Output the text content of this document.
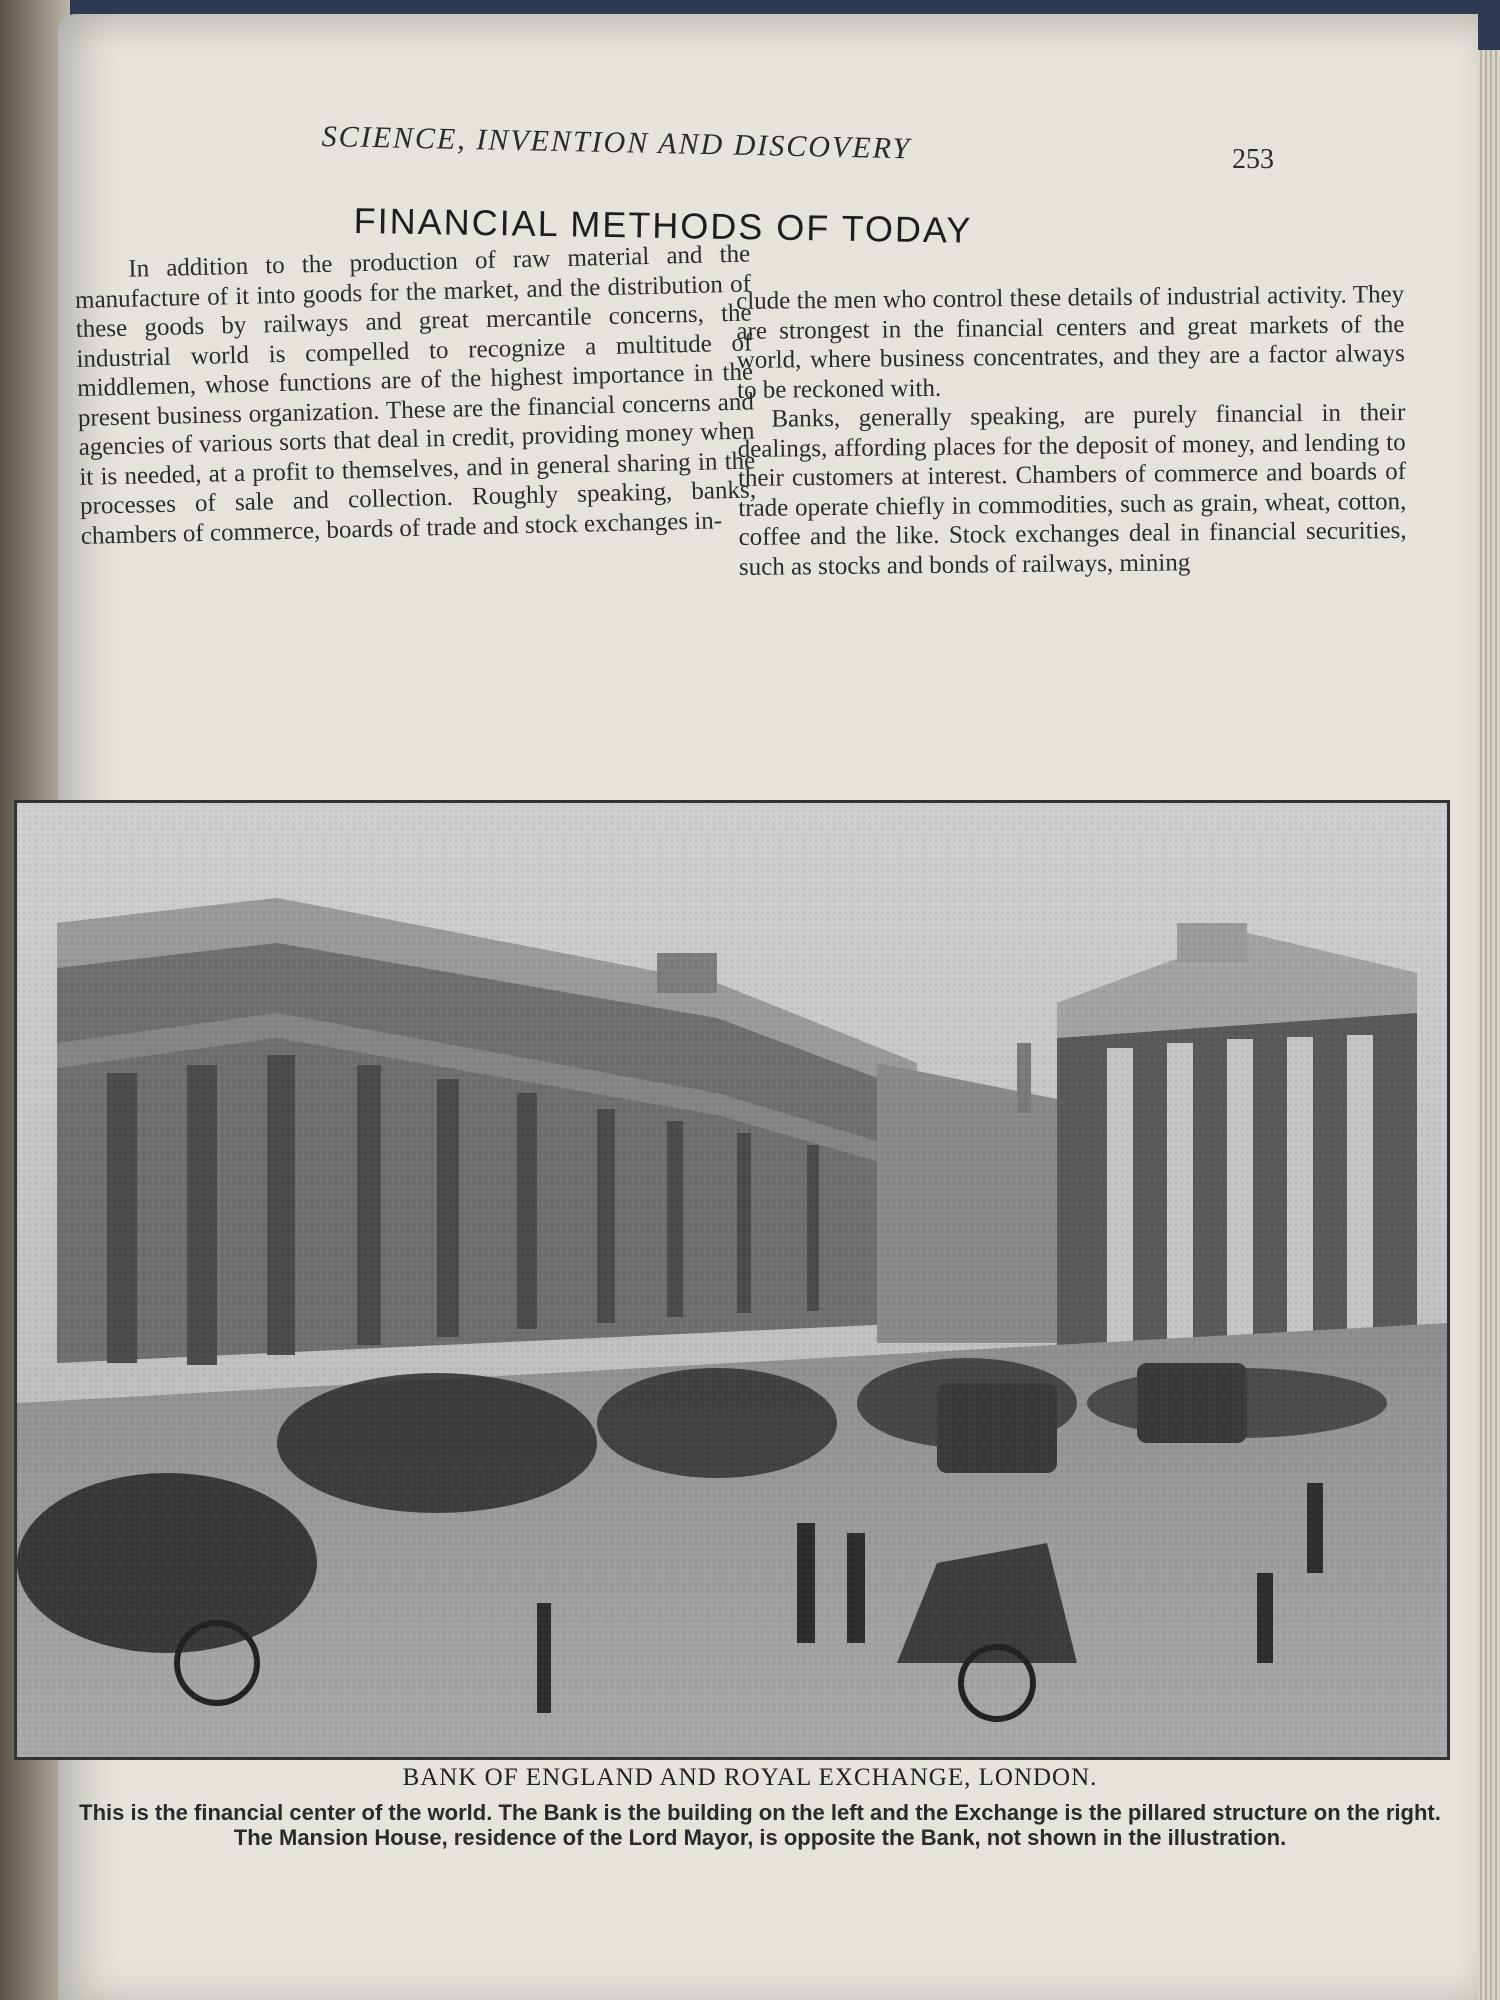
SCIENCE, INVENTION AND DISCOVERY	253
FINANCIAL METHODS OF TODAY

In addition to the production of raw material and the manufacture of it into goods for the market, and the distribution of these goods by railways and great mercantile concerns, the industrial world is compelled to recognize a multitude of middlemen, whose functions are of the highest importance in the present business organization. These are the financial concerns and agencies of various sorts that deal in credit, providing money when it is needed, at a profit to themselves, and in general sharing in the processes of sale and collection. Roughly speaking, banks, chambers of commerce, boards of trade and stock exchanges in-

clude the men who control these details of industrial activity. They are strongest in the financial centers and great markets of the world, where business concentrates, and they are a factor always to be reckoned with.

Banks, generally speaking, are purely financial in their dealings, affording places for the deposit of money, and lending to their customers at interest. Chambers of commerce and boards of trade operate chiefly in commodities, such as grain, wheat, cotton, coffee and the like. Stock exchanges deal in financial securities, such as stocks and bonds of railways, mining

BANK OF ENGLAND AND ROYAL EXCHANGE, LONDON.
This is the financial center of the world. The Bank is the building on the left and the Exchange is the pillared structure on the right. The Mansion House, residence of the Lord Mayor, is opposite the Bank, not shown in the illustration.
